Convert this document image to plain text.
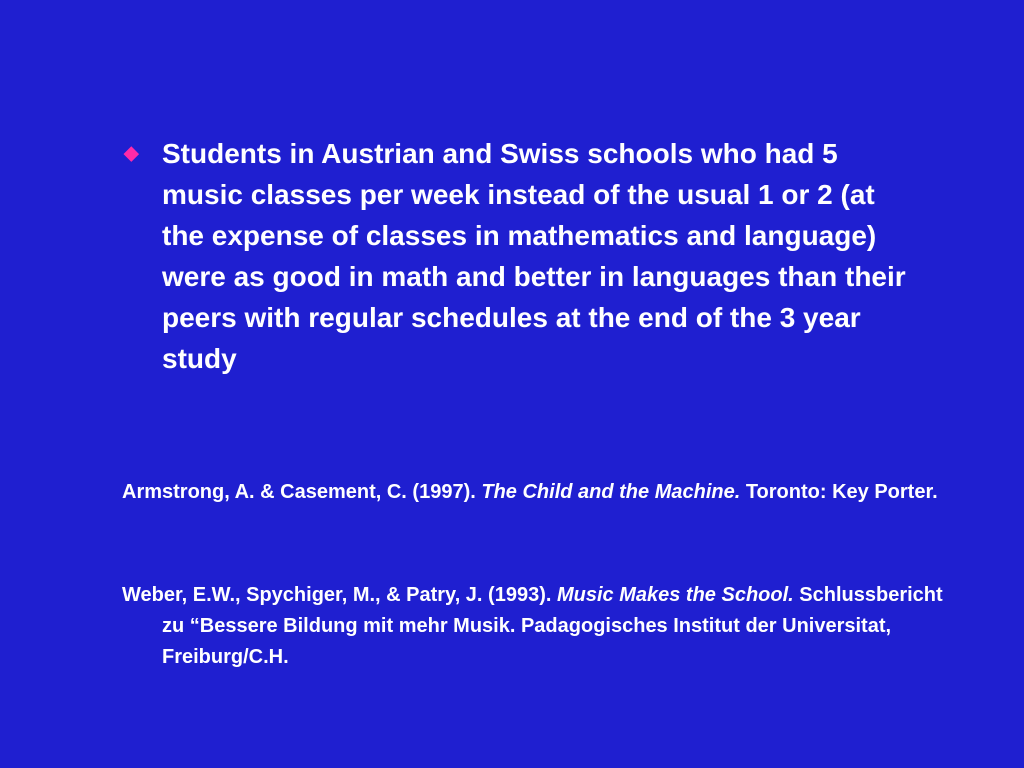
◆ Students in Austrian and Swiss schools who had 5 music classes per week instead of the usual 1 or 2 (at the expense of classes in mathematics and language) were as good in math and better in languages than their peers with regular schedules at the end of the 3 year study
Armstrong, A. & Casement, C. (1997). The Child and the Machine. Toronto: Key Porter.
Weber, E.W., Spychiger, M., & Patry, J. (1993). Music Makes the School. Schlussbericht zu “Bessere Bildung mit mehr Musik. Padagogisches Institut der Universitat, Freiburg/C.H.
